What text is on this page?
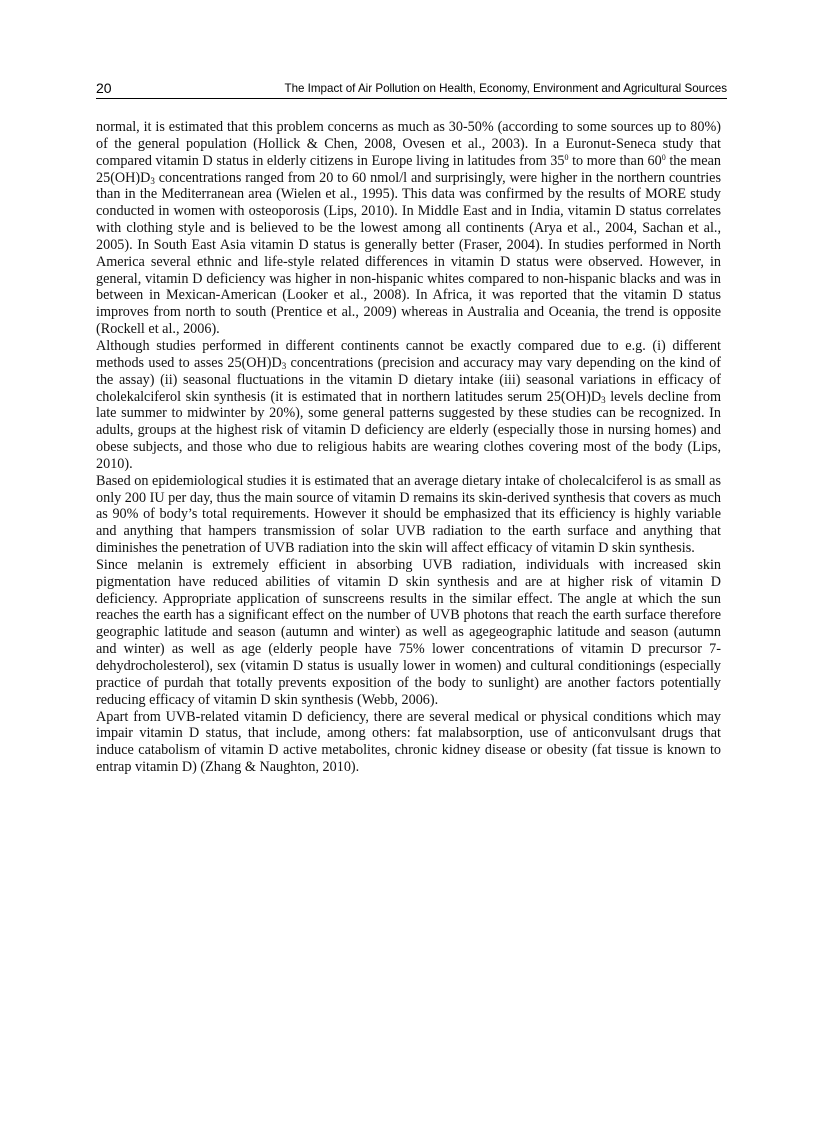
20	The Impact of Air Pollution on Health, Economy, Environment and Agricultural Sources

normal, it is estimated that this problem concerns as much as 30-50% (according to some sources up to 80%) of the general population (Hollick & Chen, 2008, Ovesen et al., 2003). In a Euronut-Seneca study that compared vitamin D status in elderly citizens in Europe living in latitudes from $35^0$ to more than $60^0$ the mean $25(OH)D_3$ concentrations ranged from 20 to 60 nmol/l and surprisingly, were higher in the northern countries than in the Mediterranean area (Wielen et al., 1995). This data was confirmed by the results of MORE study conducted in women with osteoporosis (Lips, 2010). In Middle East and in India, vitamin D status correlates with clothing style and is believed to be the lowest among all continents (Arya et al., 2004, Sachan et al., 2005). In South East Asia vitamin D status is generally better (Fraser, 2004). In studies performed in North America several ethnic and life-style related differences in vitamin D status were observed. However, in general, vitamin D deficiency was higher in non-hispanic whites compared to non-hispanic blacks and was in between in Mexican-American (Looker et al., 2008). In Africa, it was reported that the vitamin D status improves from north to south (Prentice et al., 2009) whereas in Australia and Oceania, the trend is opposite (Rockell et al., 2006).

Although studies performed in different continents cannot be exactly compared due to e.g. (i) different methods used to asses $25(OH)D_3$ concentrations (precision and accuracy may vary depending on the kind of the assay) (ii) seasonal fluctuations in the vitamin D dietary intake (iii) seasonal variations in efficacy of cholekalciferol skin synthesis (it is estimated that in northern latitudes serum $25(OH)D_3$ levels decline from late summer to midwinter by 20%), some general patterns suggested by these studies can be recognized. In adults, groups at the highest risk of vitamin D deficiency are elderly (especially those in nursing homes) and obese subjects, and those who due to religious habits are wearing clothes covering most of the body (Lips, 2010).

Based on epidemiological studies it is estimated that an average dietary intake of cholecalciferol is as small as only 200 IU per day, thus the main source of vitamin D remains its skin-derived synthesis that covers as much as 90% of body’s total requirements. However it should be emphasized that its efficiency is highly variable and anything that hampers transmission of solar UVB radiation to the earth surface and anything that diminishes the penetration of UVB radiation into the skin will affect efficacy of vitamin D skin synthesis.

Since melanin is extremely efficient in absorbing UVB radiation, individuals with increased skin pigmentation have reduced abilities of vitamin D skin synthesis and are at higher risk of vitamin D deficiency. Appropriate application of sunscreens results in the similar effect. The angle at which the sun reaches the earth has a significant effect on the number of UVB photons that reach the earth surface therefore geographic latitude and season (autumn and winter) as well as agegeographic latitude and season (autumn and winter) as well as age (elderly people have 75% lower concentrations of vitamin D precursor 7-dehydrocholesterol), sex (vitamin D status is usually lower in women) and cultural conditionings (especially practice of purdah that totally prevents exposition of the body to sunlight) are another factors potentially reducing efficacy of vitamin D skin synthesis (Webb, 2006).

Apart from UVB-related vitamin D deficiency, there are several medical or physical conditions which may impair vitamin D status, that include, among others: fat malabsorption, use of anticonvulsant drugs that induce catabolism of vitamin D active metabolites, chronic kidney disease or obesity (fat tissue is known to entrap vitamin D) (Zhang & Naughton, 2010).
